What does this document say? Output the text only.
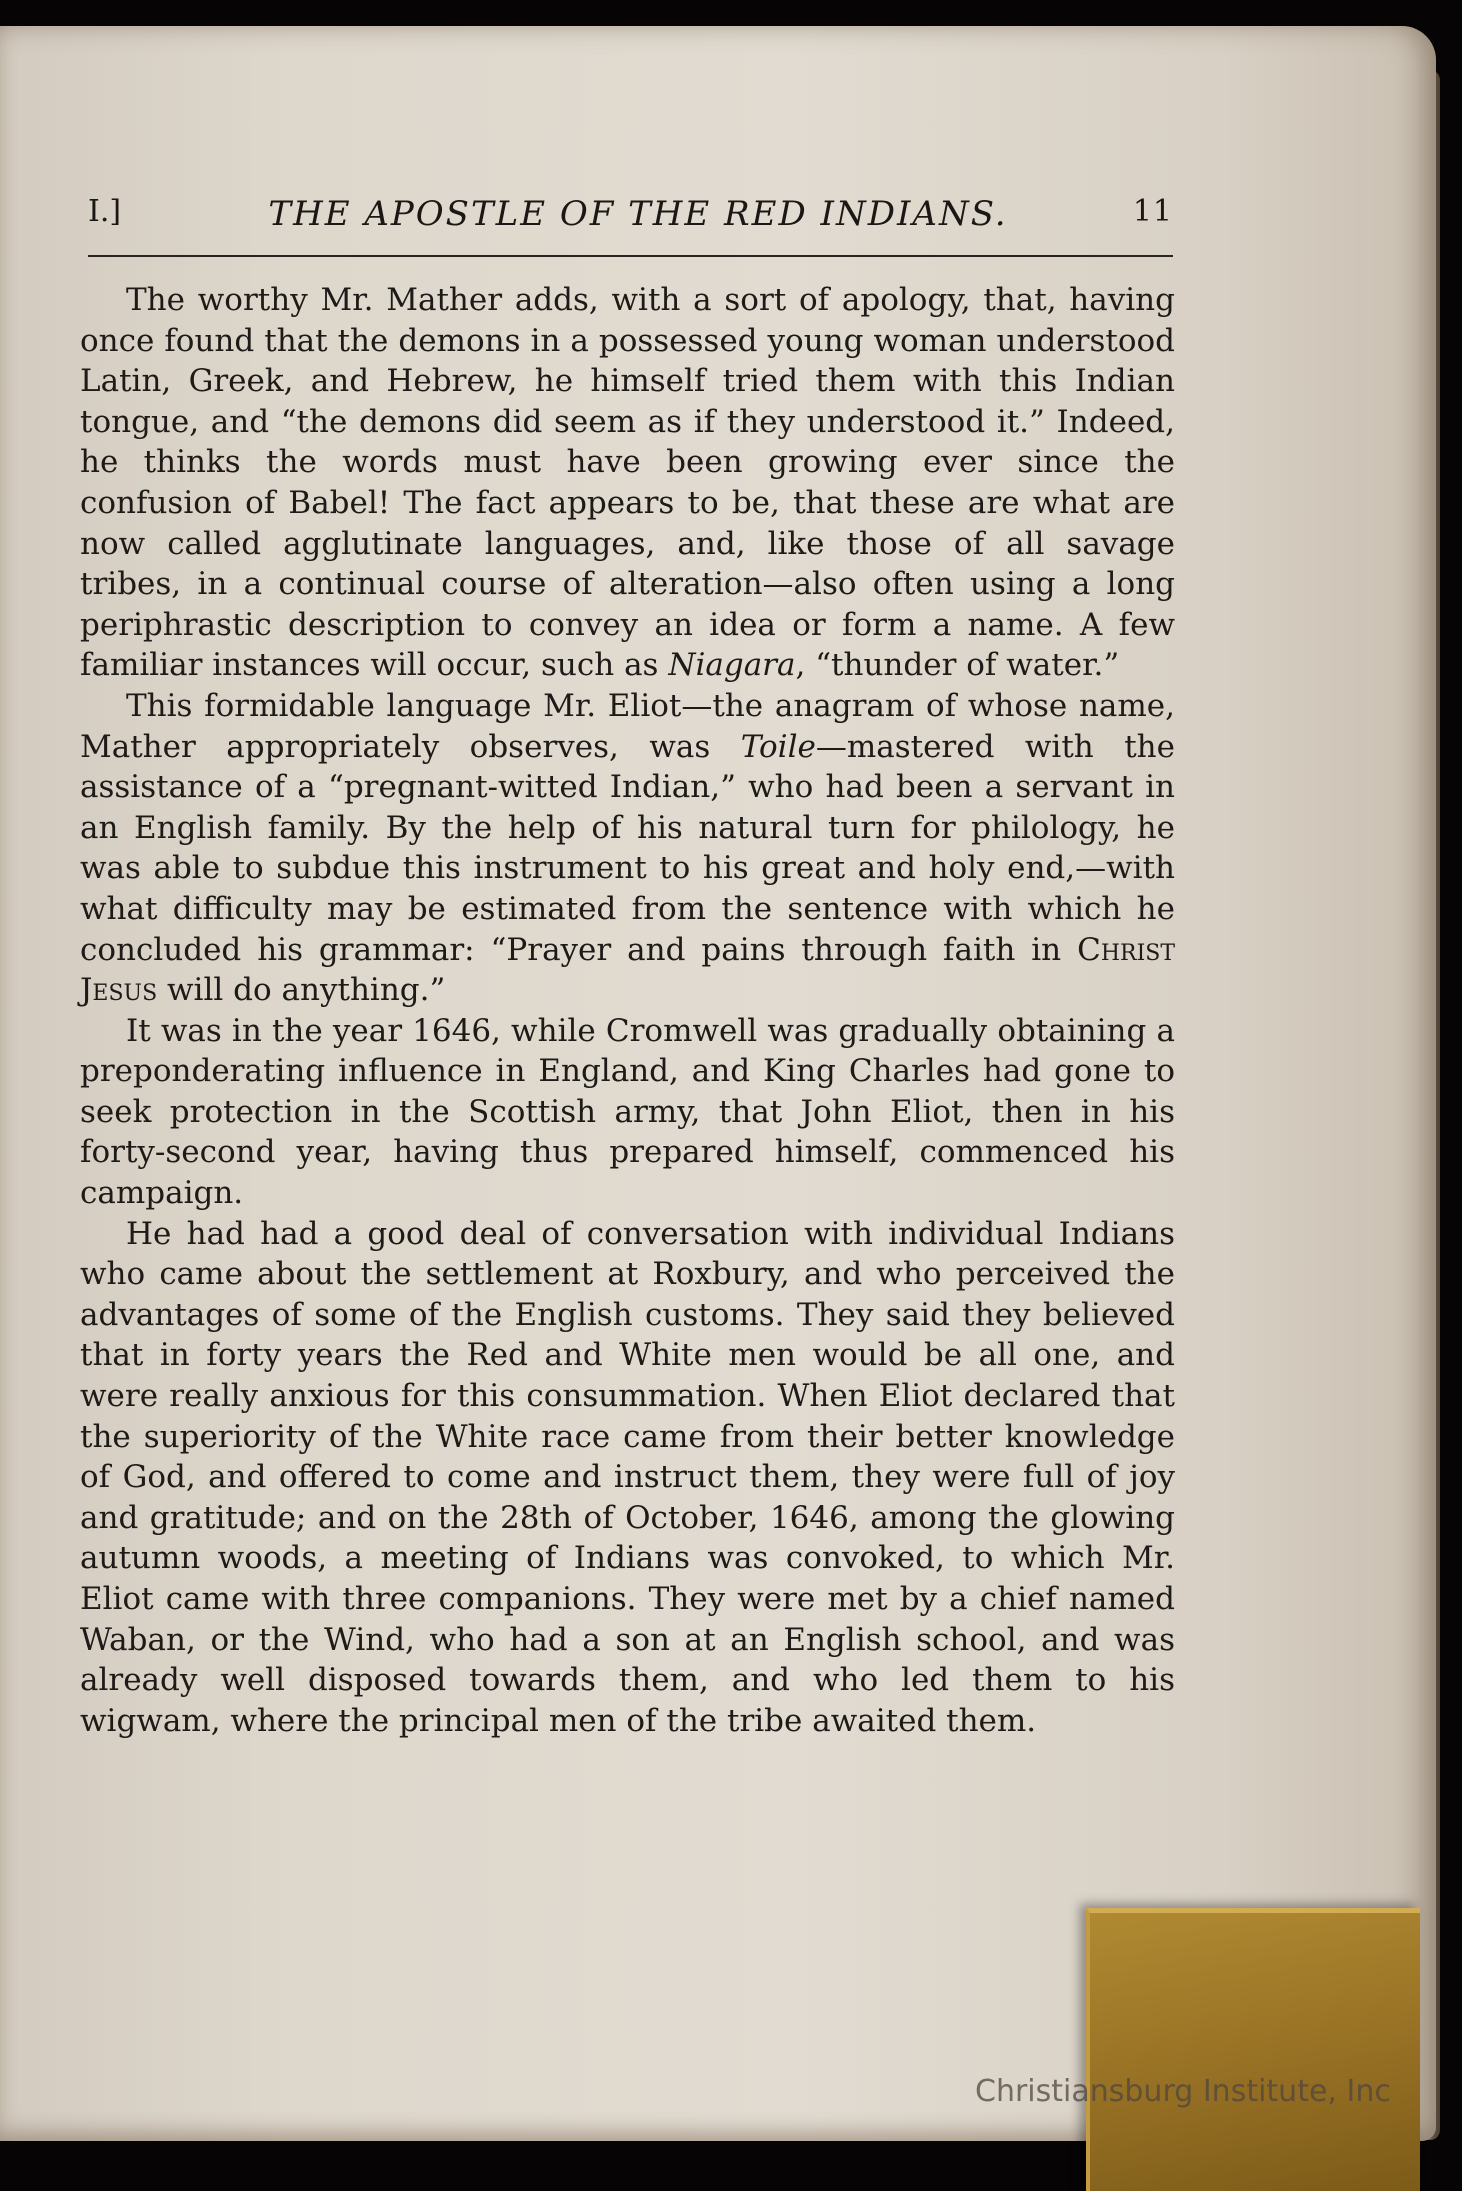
I.]	THE APOSTLE OF THE RED INDIANS.	11

The worthy Mr. Mather adds, with a sort of apology, that, having once found that the demons in a possessed young woman understood Latin, Greek, and Hebrew, he himself tried them with this Indian tongue, and “the demons did seem as if they understood it.” Indeed, he thinks the words must have been growing ever since the confusion of Babel! The fact appears to be, that these are what are now called agglutinate languages, and, like those of all savage tribes, in a continual course of alteration—also often using a long periphrastic description to convey an idea or form a name. A few familiar instances will occur, such as Niagara, “thunder of water.”

This formidable language Mr. Eliot—the anagram of whose name, Mather appropriately observes, was Toile—mastered with the assistance of a “pregnant-witted Indian,” who had been a servant in an English family. By the help of his natural turn for philology, he was able to subdue this instrument to his great and holy end,—with what difficulty may be estimated from the sentence with which he concluded his grammar: “Prayer and pains through faith in Christ Jesus will do anything.”

It was in the year 1646, while Cromwell was gradually obtaining a preponderating influence in England, and King Charles had gone to seek protection in the Scottish army, that John Eliot, then in his forty-second year, having thus prepared himself, commenced his campaign.

He had had a good deal of conversation with individual Indians who came about the settlement at Roxbury, and who perceived the advantages of some of the English customs. They said they believed that in forty years the Red and White men would be all one, and were really anxious for this consummation. When Eliot declared that the superiority of the White race came from their better knowledge of God, and offered to come and instruct them, they were full of joy and gratitude; and on the 28th of October, 1646, among the glowing autumn woods, a meeting of Indians was convoked, to which Mr. Eliot came with three companions. They were met by a chief named Waban, or the Wind, who had a son at an English school, and was already well disposed towards them, and who led them to his wigwam, where the principal men of the tribe awaited them.

Christiansburg Institute, Inc
